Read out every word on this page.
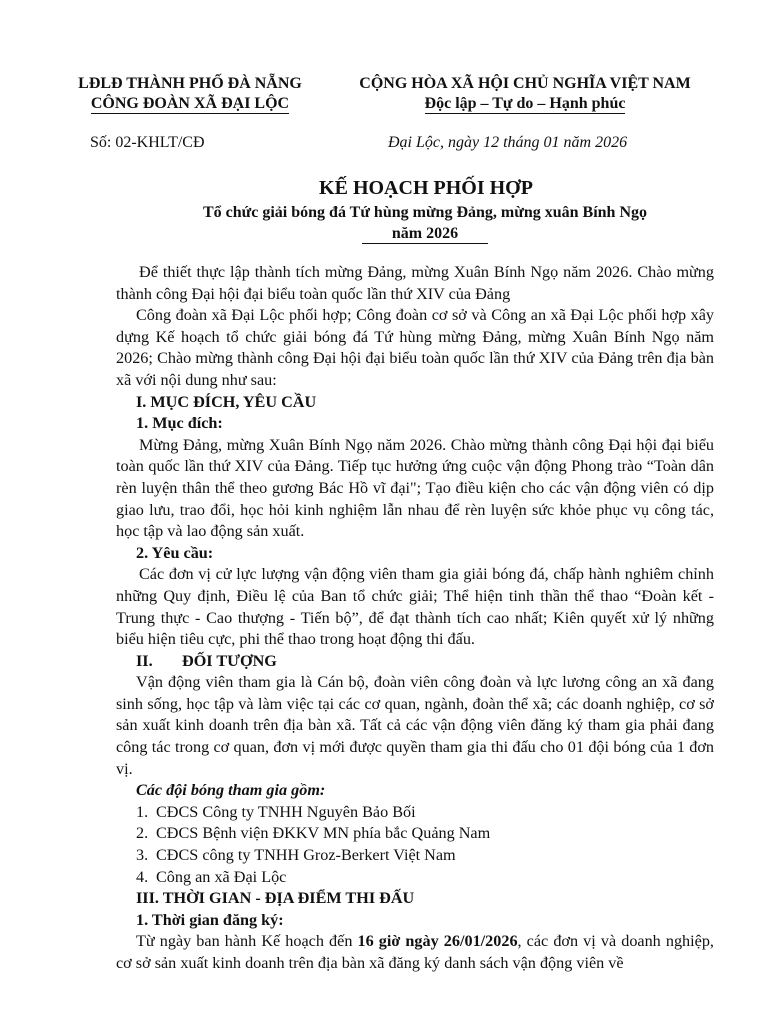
LĐLĐ THÀNH PHỐ ĐÀ NẴNG
CÔNG ĐOÀN XÃ ĐẠI LỘC
CỘNG HÒA XÃ HỘI CHỦ NGHĨA VIỆT NAM
Độc lập – Tự do – Hạnh phúc
Số: 02-KHLT/CĐ	Đại Lộc, ngày 12 tháng 01 năm 2026
KẾ HOẠCH PHỐI HỢP
Tổ chức giải bóng đá Tứ hùng mừng Đảng, mừng xuân Bính Ngọ
năm 2026

Để thiết thực lập thành tích mừng Đảng, mừng Xuân Bính Ngọ năm 2026. Chào mừng thành công Đại hội đại biểu toàn quốc lần thứ XIV của Đảng

Công đoàn xã Đại Lộc phối hợp; Công đoàn cơ sở và Công an xã Đại Lộc phối hợp xây dựng Kế hoạch tổ chức giải bóng đá Tứ hùng mừng Đảng, mừng Xuân Bính Ngọ năm 2026; Chào mừng thành công Đại hội đại biểu toàn quốc lần thứ XIV của Đảng trên địa bàn xã với nội dung như sau:

I. MỤC ĐÍCH, YÊU CẦU
1. Mục đích:

Mừng Đảng, mừng Xuân Bính Ngọ năm 2026. Chào mừng thành công Đại hội đại biểu toàn quốc lần thứ XIV của Đảng. Tiếp tục hưởng ứng cuộc vận động Phong trào “Toàn dân rèn luyện thân thể theo gương Bác Hồ vĩ đại"; Tạo điều kiện cho các vận động viên có dịp giao lưu, trao đổi, học hỏi kinh nghiệm lẫn nhau để rèn luyện sức khỏe phục vụ công tác, học tập và lao động sản xuất.

2. Yêu cầu:

Các đơn vị cử lực lượng vận động viên tham gia giải bóng đá, chấp hành nghiêm chỉnh những Quy định, Điều lệ của Ban tổ chức giải; Thể hiện tinh thần thể thao “Đoàn kết - Trung thực - Cao thượng - Tiến bộ”, để đạt thành tích cao nhất; Kiên quyết xử lý những biểu hiện tiêu cực, phi thể thao trong hoạt động thi đấu.

II. ĐỐI TƯỢNG

Vận động viên tham gia là Cán bộ, đoàn viên công đoàn và lực lương công an xã đang sinh sống, học tập và làm việc tại các cơ quan, ngành, đoàn thể xã; các doanh nghiệp, cơ sở sản xuất kinh doanh trên địa bàn xã. Tất cả các vận động viên đăng ký tham gia phải đang công tác trong cơ quan, đơn vị mới được quyền tham gia thi đấu cho 01 đội bóng của 1 đơn vị.

Các đội bóng tham gia gồm:
1. CĐCS Công ty TNHH Nguyên Bảo Bối
2. CĐCS Bệnh viện ĐKKV MN phía bắc Quảng Nam
3. CĐCS công ty TNHH Groz-Berkert Việt Nam
4. Công an xã Đại Lộc
III. THỜI GIAN - ĐỊA ĐIỂM THI ĐẤU
1. Thời gian đăng ký:

Từ ngày ban hành Kế hoạch đến 16 giờ ngày 26/01/2026, các đơn vị và doanh nghiệp, cơ sở sản xuất kinh doanh trên địa bàn xã đăng ký danh sách vận động viên về
